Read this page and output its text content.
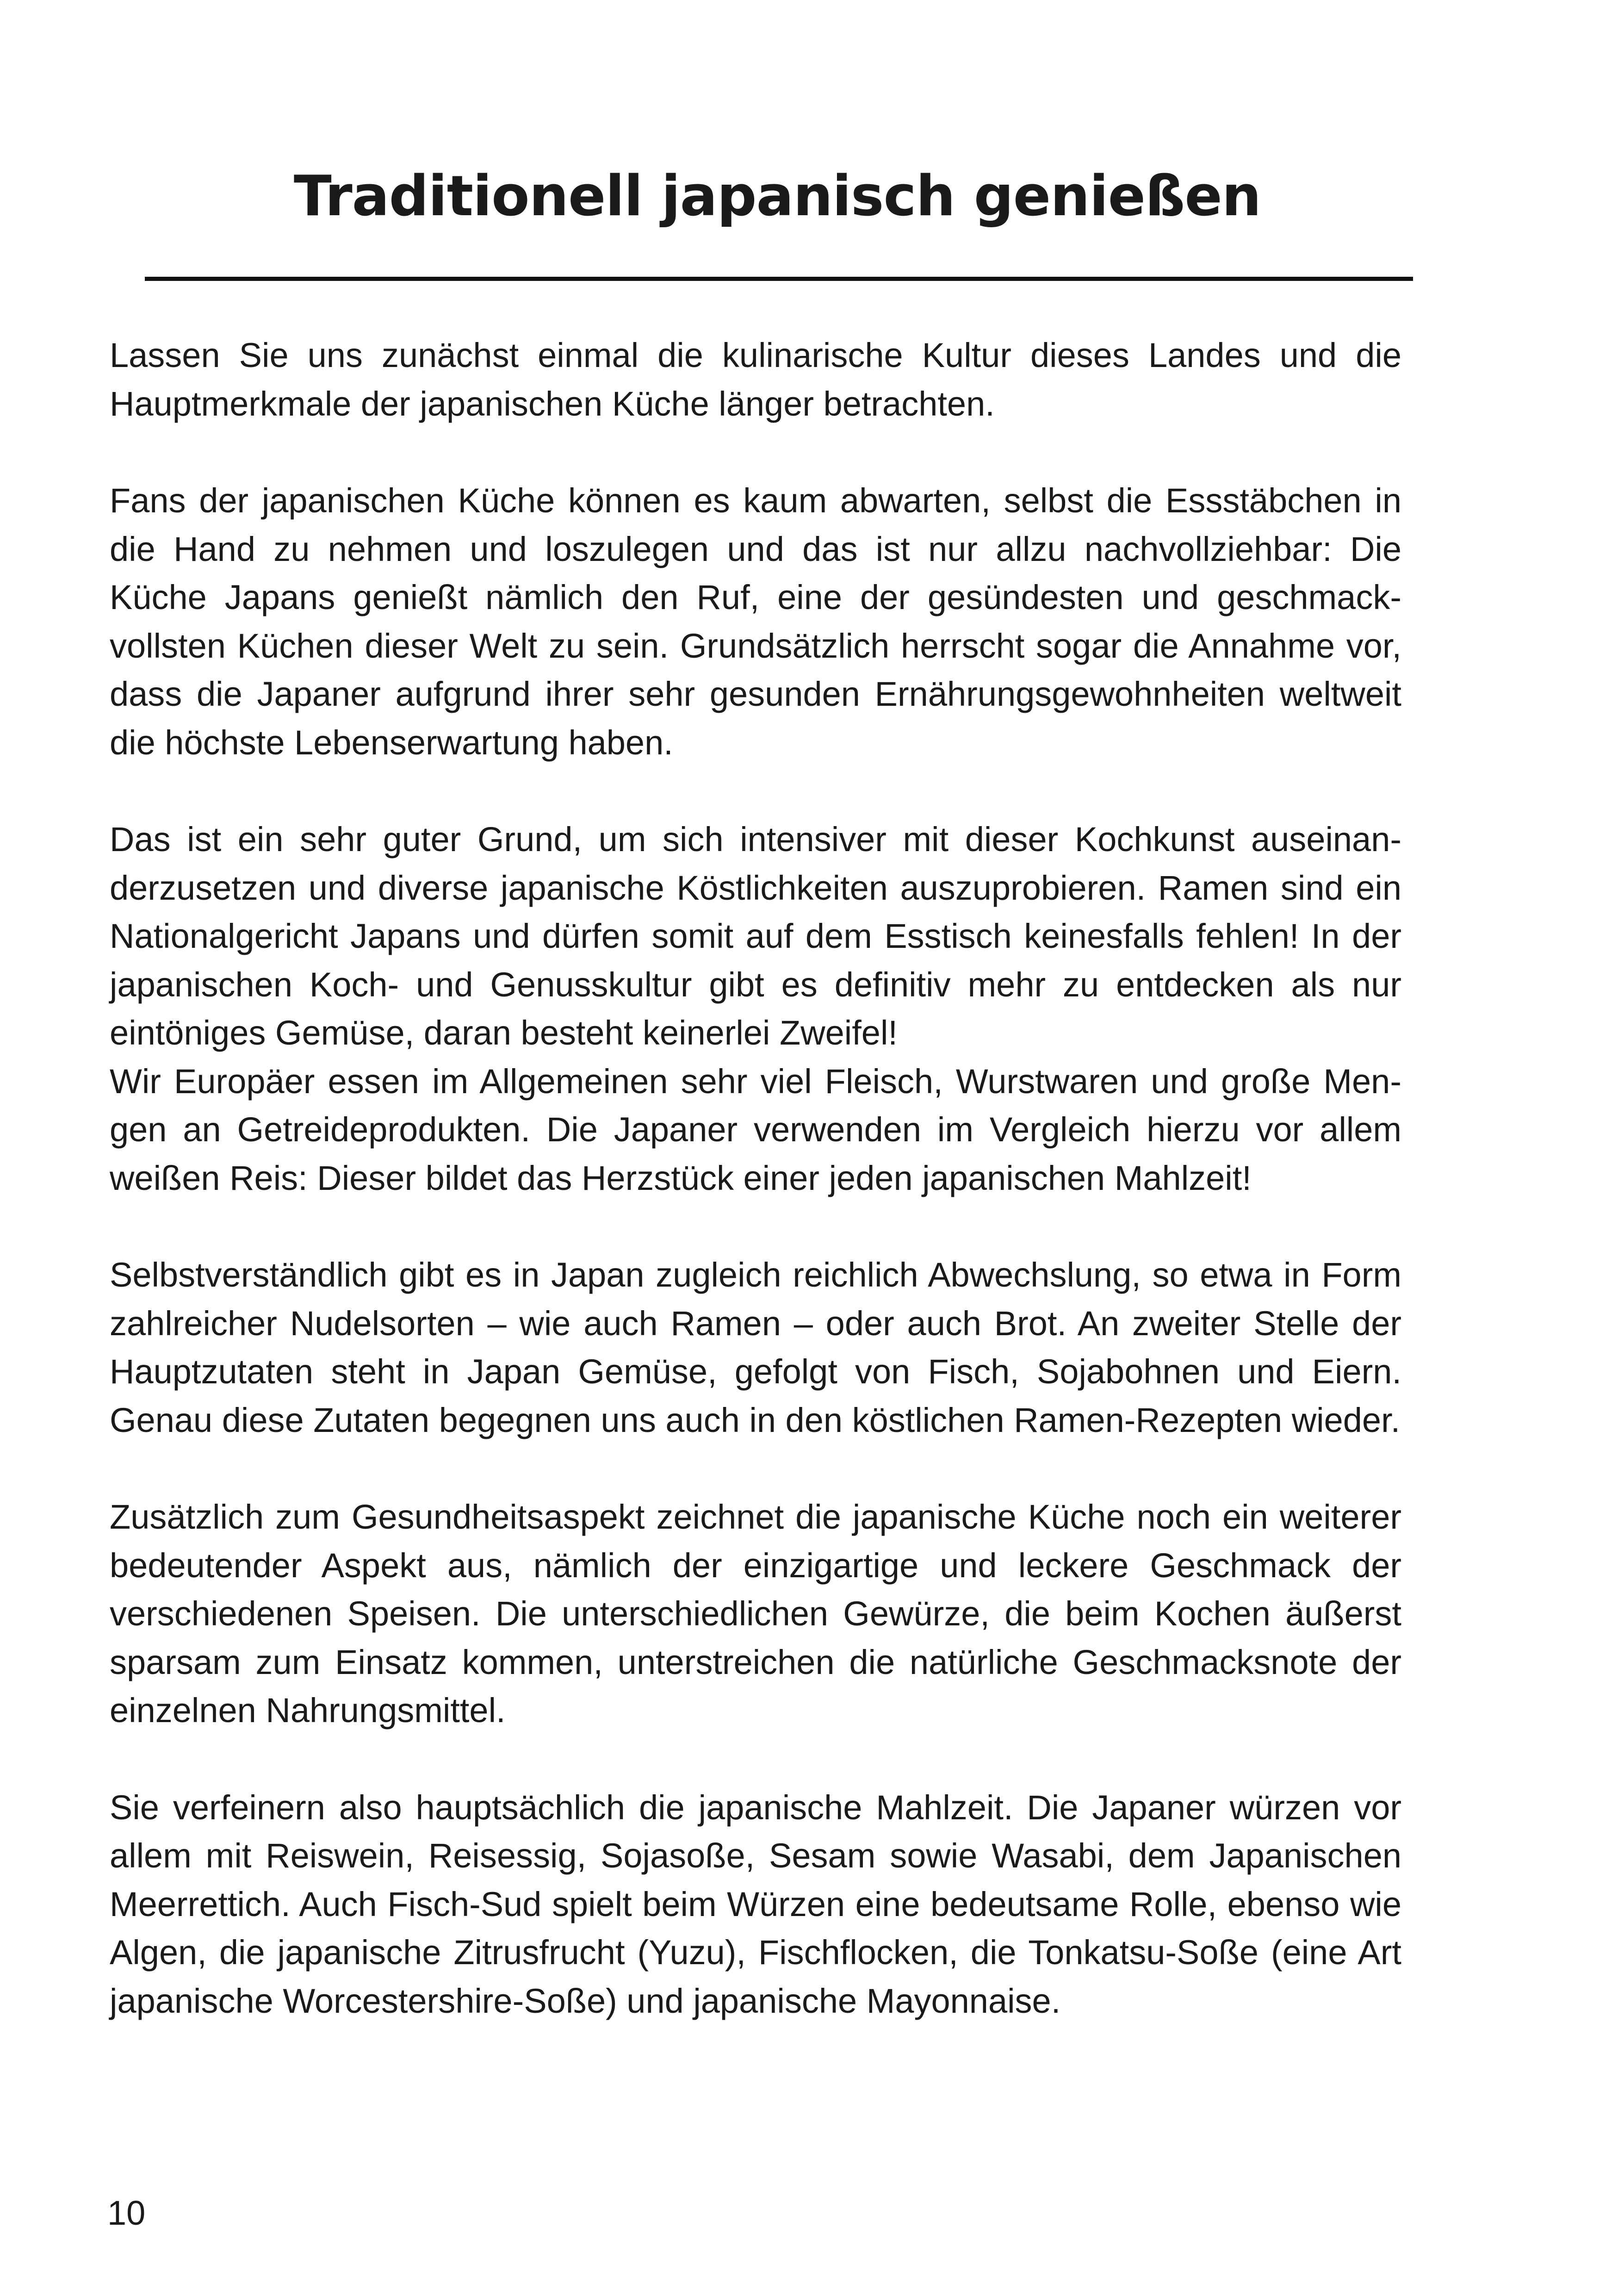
Traditionell japanisch genießen

Lassen Sie uns zunächst einmal die kulinarische Kultur dieses Landes und die Hauptmerkmale der japanischen Küche länger betrachten.

Fans der japanischen Küche können es kaum abwarten, selbst die Essstäbchen in die Hand zu nehmen und loszulegen und das ist nur allzu nachvollziehbar: Die Küche Japans genießt nämlich den Ruf, eine der gesündesten und geschmackvollsten Küchen dieser Welt zu sein. Grundsätzlich herrscht sogar die Annahme vor, dass die Japaner aufgrund ihrer sehr gesunden Ernährungsgewohnheiten weltweit die höchste Lebenserwartung haben.

Das ist ein sehr guter Grund, um sich intensiver mit dieser Kochkunst auseinanderzusetzen und diverse japanische Köstlichkeiten auszuprobieren. Ramen sind ein Nationalgericht Japans und dürfen somit auf dem Esstisch keinesfalls fehlen! In der japanischen Koch- und Genusskultur gibt es definitiv mehr zu entdecken als nur eintöniges Gemüse, daran besteht keinerlei Zweifel!

Wir Europäer essen im Allgemeinen sehr viel Fleisch, Wurstwaren und große Mengen an Getreideprodukten. Die Japaner verwenden im Vergleich hierzu vor allem weißen Reis: Dieser bildet das Herzstück einer jeden japanischen Mahlzeit!

Selbstverständlich gibt es in Japan zugleich reichlich Abwechslung, so etwa in Form zahlreicher Nudelsorten – wie auch Ramen – oder auch Brot. An zweiter Stelle der Hauptzutaten steht in Japan Gemüse, gefolgt von Fisch, Sojabohnen und Eiern. Genau diese Zutaten begegnen uns auch in den köstlichen Ramen-Rezepten wieder.

Zusätzlich zum Gesundheitsaspekt zeichnet die japanische Küche noch ein weiterer bedeutender Aspekt aus, nämlich der einzigartige und leckere Geschmack der verschiedenen Speisen. Die unterschiedlichen Gewürze, die beim Kochen äußerst sparsam zum Einsatz kommen, unterstreichen die natürliche Geschmacksnote der einzelnen Nahrungsmittel.

Sie verfeinern also hauptsächlich die japanische Mahlzeit. Die Japaner würzen vor allem mit Reiswein, Reisessig, Sojasoße, Sesam sowie Wasabi, dem Japanischen Meerrettich. Auch Fisch-Sud spielt beim Würzen eine bedeutsame Rolle, ebenso wie Algen, die japanische Zitrusfrucht (Yuzu), Fischflocken, die Tonkatsu-Soße (eine Art japanische Worcestershire-Soße) und japanische Mayonnaise.

10
